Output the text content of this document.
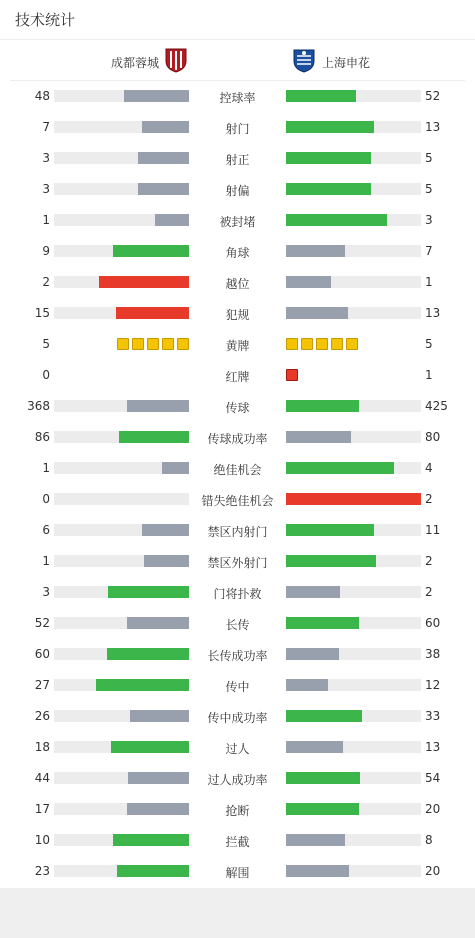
技术统计
成都蓉城	上海申花
48	控球率	52
7	射门	13
3	射正	5
3	射偏	5
1	被封堵	3
9	角球	7
2	越位	1
15	犯规	13
5	黄牌	5
0	红牌	1
368	传球	425
86	传球成功率	80
1	绝佳机会	4
0	错失绝佳机会	2
6	禁区内射门	11
1	禁区外射门	2
3	门将扑救	2
52	长传	60
60	长传成功率	38
27	传中	12
26	传中成功率	33
18	过人	13
44	过人成功率	54
17	抢断	20
10	拦截	8
23	解围	20
